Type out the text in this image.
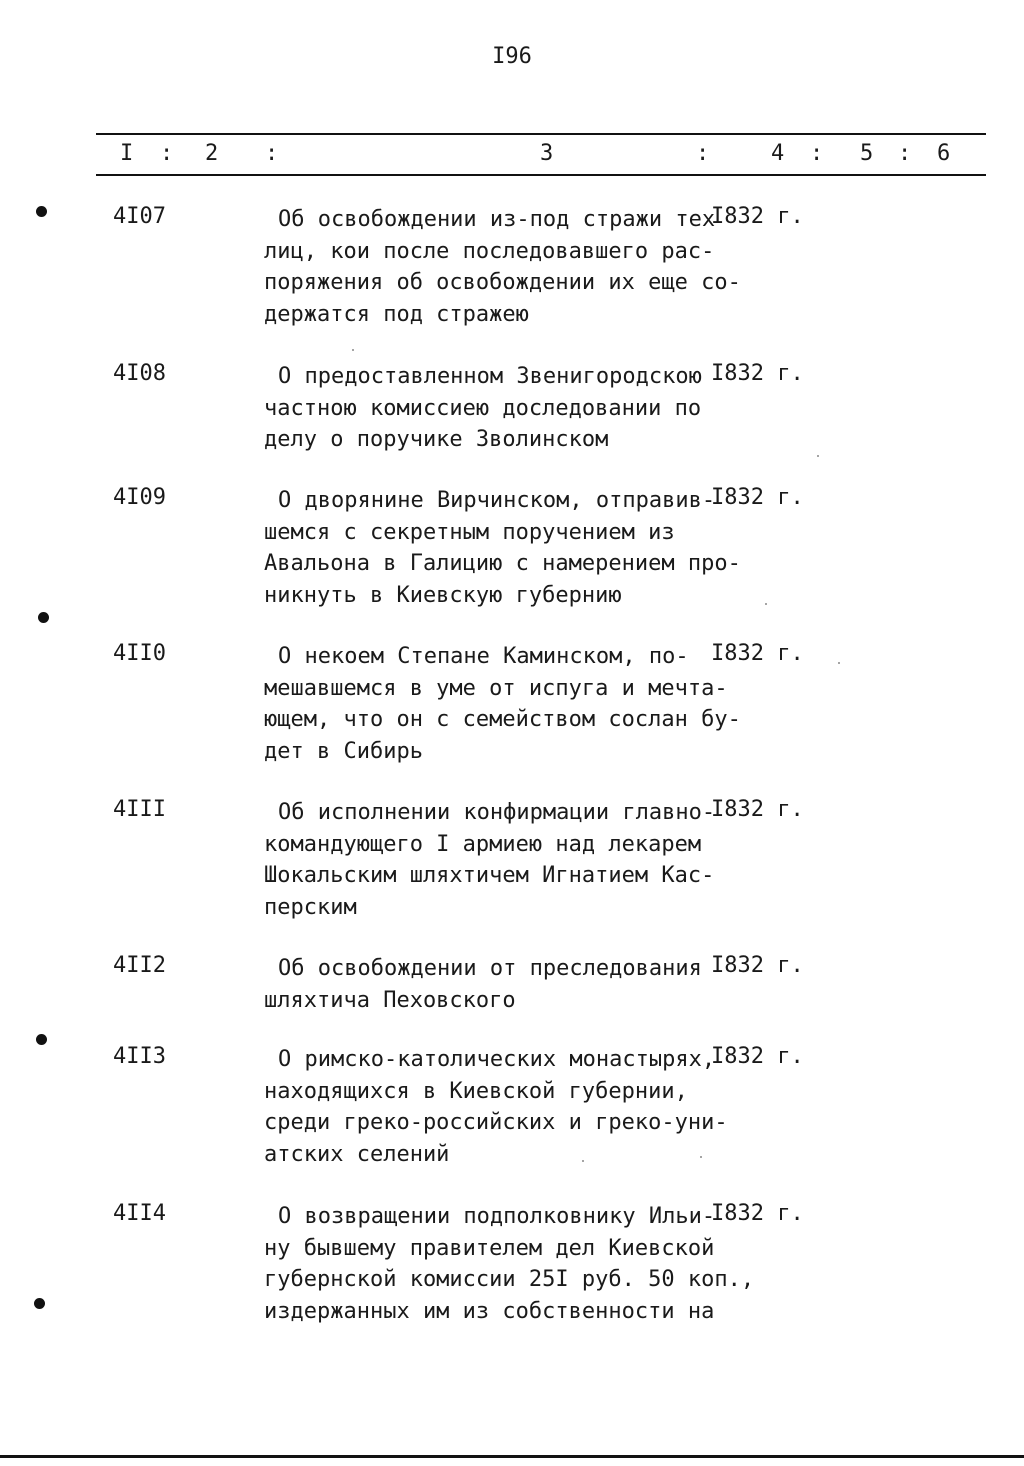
I96
I : 2 :	3	:	4 : 5 : 6
4I07	Об освобождении из-под стражи тех
лиц, кои после последовавшего рас-
поряжения об освобождении их еще со-
держатся под стражею
I832 г.
4I08	О предоставленном Звенигородскою
частною комиссиею доследовании по
делу о поручике Зволинском
I832 г.
4I09	О дворянине Вирчинском, отправив-
шемся с секретным поручением из
Авальона в Галицию с намерением про-
никнуть в Киевскую губернию
I832 г.
4II0	О некоем Степане Каминском, по-
мешавшемся в уме от испуга и мечта-
ющем, что он с семейством сослан бу-
дет в Сибирь
I832 г.
4III	Об исполнении конфирмации главно-
командующего I армиею над лекарем
Шокальским шляхтичем Игнатием Кас-
перским
I832 г.
4II2	Об освобождении от преследования
шляхтича Пеховского
I832 г.
4II3	О римско-католических монастырях,
находящихся в Киевской губернии,
среди греко-российских и греко-уни-
атских селений
I832 г.
4II4	О возвращении подполковнику Ильи-
ну бывшему правителем дел Киевской
губернской комиссии 25I руб. 50 коп.,
издержанных им из собственности на
I832 г.
